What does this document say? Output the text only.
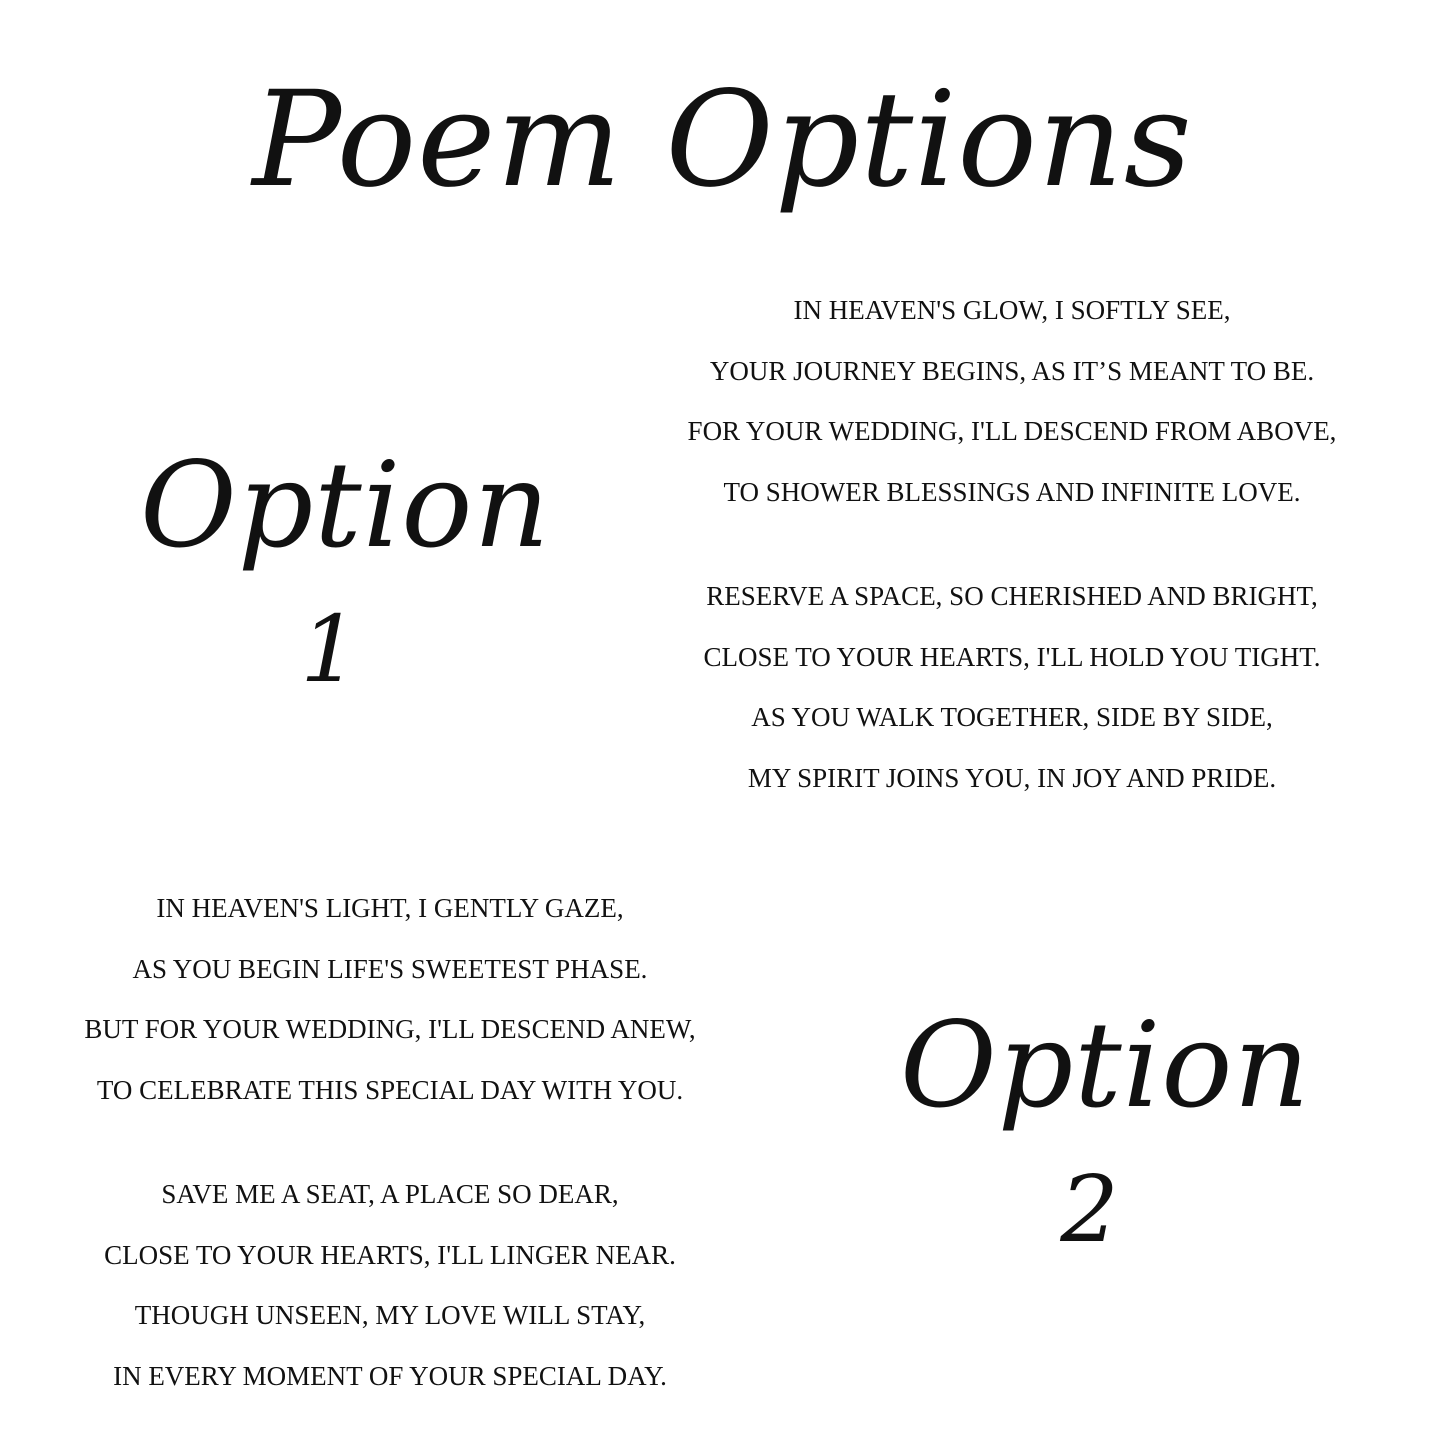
Poem Options
Option
1

IN HEAVEN'S GLOW, I SOFTLY SEE,
YOUR JOURNEY BEGINS, AS IT’S MEANT TO BE.
FOR YOUR WEDDING, I'LL DESCEND FROM ABOVE,
TO SHOWER BLESSINGS AND INFINITE LOVE.

RESERVE A SPACE, SO CHERISHED AND BRIGHT,
CLOSE TO YOUR HEARTS, I'LL HOLD YOU TIGHT.
AS YOU WALK TOGETHER, SIDE BY SIDE,
MY SPIRIT JOINS YOU, IN JOY AND PRIDE.

IN HEAVEN'S LIGHT, I GENTLY GAZE,
AS YOU BEGIN LIFE'S SWEETEST PHASE.
BUT FOR YOUR WEDDING, I'LL DESCEND ANEW,
TO CELEBRATE THIS SPECIAL DAY WITH YOU.

SAVE ME A SEAT, A PLACE SO DEAR,
CLOSE TO YOUR HEARTS, I'LL LINGER NEAR.
THOUGH UNSEEN, MY LOVE WILL STAY,
IN EVERY MOMENT OF YOUR SPECIAL DAY.

Option
2
